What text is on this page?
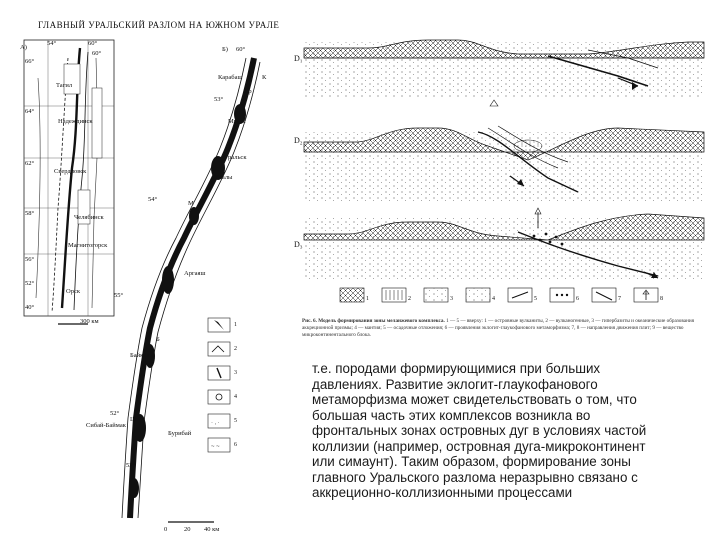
ГЛАВНЫЙ УРАЛЬСКИЙ РАЗЛОМ НА ЮЖНОМ УРАЛЕ
· ‚ ·
~ ~
А)
54°	60°
64°
62°
58°
56°
52°
66°
60°
40°
Тагил
Надеждинск
Свердловск
Челябинск
Магнитогорск
Орск
300 км
Б) 60°
55°
54°
53°
52°
52°
Карабаш
Уральск
Миасс
Учалы
Аргаяш
Байкал
Бурибай
Сибай-Баймак
К
Кр
М
Б
Ш
0	20 40 км
1
2
3
4
5
6
D₁
D₂
D₃
1	2	3	4	5	6	7	8
Рис. 6. Модель формирования зоны меланжевого комплекса. 1 — 5 — вверху: 1 — островные вулканиты, 2 — вулканогенные, 3 — гипербазиты и океанические образования аккреционной призмы; 4 — мантия; 5 — осадочные отложения; 6 — проявления эклогит-глаукофанового метаморфизма; 7, 8 — направления движения плит; 9 — вещество микроконтинентального блока.

т.е. породами формирующимися при больших
давлениях. Развитие эклогит-глаукофанового
метаморфизма может свидетельствовать о том, что
большая часть этих комплексов возникла во
фронтальных зонах островных дуг в условиях частой
коллизии (например, островная дуга-микроконтинент
или симаунт). Таким образом, формирование зоны
главного Уральского разлома неразрывно связано с
аккреционно-коллизионными процессами
